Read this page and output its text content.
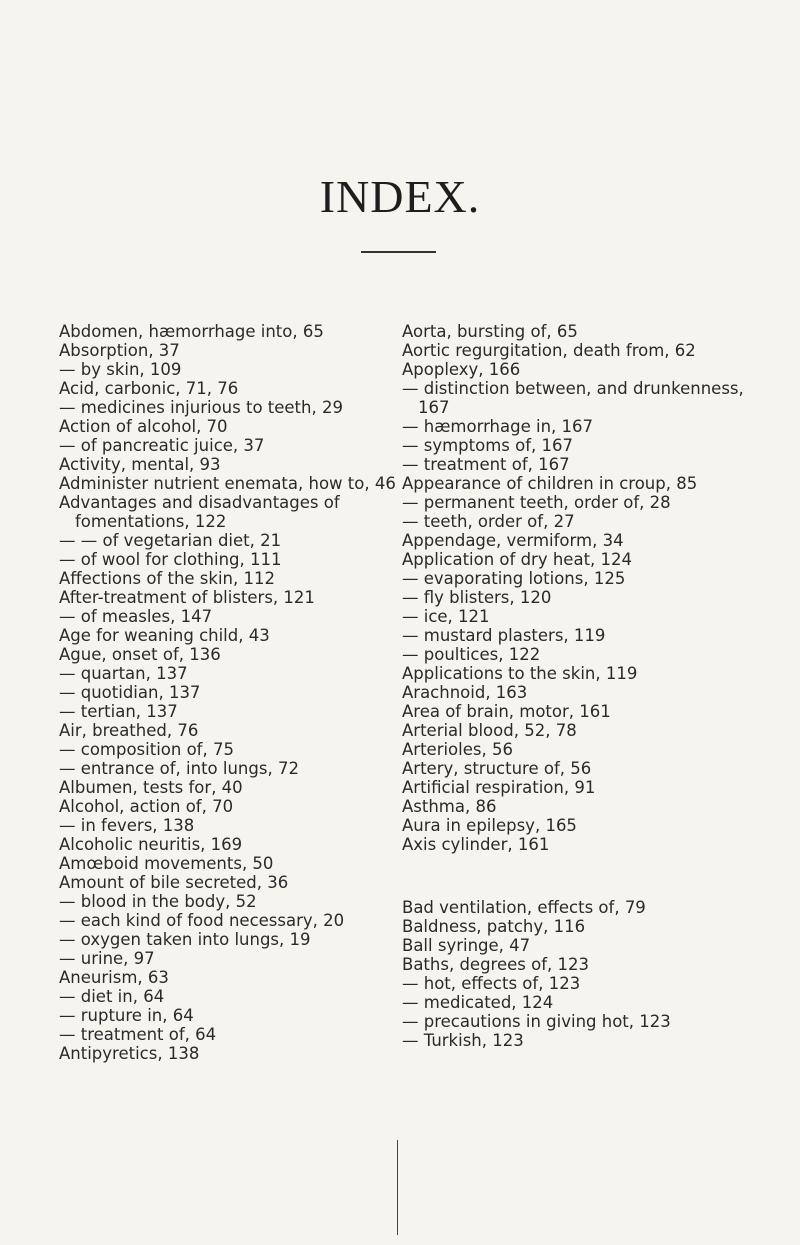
INDEX.

Abdomen, hæmorrhage into, 65

Absorption, 37

— by skin, 109

Acid, carbonic, 71, 76

— medicines injurious to teeth, 29

Action of alcohol, 70

— of pancreatic juice, 37

Activity, mental, 93

Administer nutrient enemata, how to, 46

Advantages and disadvantages of fomentations, 122

— — of vegetarian diet, 21

— of wool for clothing, 111

Affections of the skin, 112

After-treatment of blisters, 121

— of measles, 147

Age for weaning child, 43

Ague, onset of, 136

— quartan, 137

— quotidian, 137

— tertian, 137

Air, breathed, 76

— composition of, 75

— entrance of, into lungs, 72

Albumen, tests for, 40

Alcohol, action of, 70

— in fevers, 138

Alcoholic neuritis, 169

Amœboid movements, 50

Amount of bile secreted, 36

— blood in the body, 52

— each kind of food necessary, 20

— oxygen taken into lungs, 19

— urine, 97

Aneurism, 63

— diet in, 64

— rupture in, 64

— treatment of, 64

Antipyretics, 138

Aorta, bursting of, 65

Aortic regurgitation, death from, 62

Apoplexy, 166

— distinction between, and drunkenness, 167

— hæmorrhage in, 167

— symptoms of, 167

— treatment of, 167

Appearance of children in croup, 85

— permanent teeth, order of, 28

— teeth, order of, 27

Appendage, vermiform, 34

Application of dry heat, 124

— evaporating lotions, 125

— fly blisters, 120

— ice, 121

— mustard plasters, 119

— poultices, 122

Applications to the skin, 119

Arachnoid, 163

Area of brain, motor, 161

Arterial blood, 52, 78

Arterioles, 56

Artery, structure of, 56

Artificial respiration, 91

Asthma, 86

Aura in epilepsy, 165

Axis cylinder, 161

Bad ventilation, effects of, 79

Baldness, patchy, 116

Ball syringe, 47

Baths, degrees of, 123

— hot, effects of, 123

— medicated, 124

— precautions in giving hot, 123

— Turkish, 123
